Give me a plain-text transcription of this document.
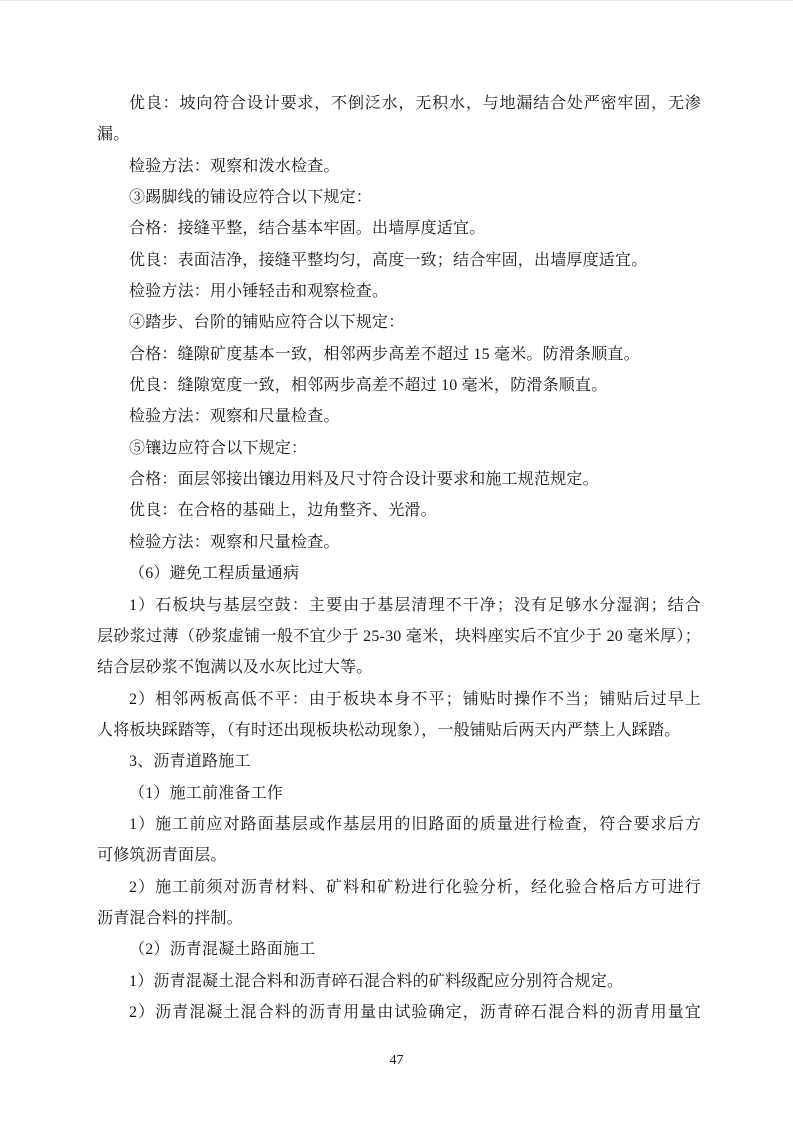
优良：坡向符合设计要求，不倒泛水，无积水，与地漏结合处严密牢固，无渗

漏。

检验方法：观察和泼水检查。

③踢脚线的铺设应符合以下规定：

合格：接缝平整，结合基本牢固。出墙厚度适宜。

优良：表面洁净，接缝平整均匀，高度一致；结合牢固，出墙厚度适宜。

检验方法：用小锤轻击和观察检查。

④踏步、台阶的铺贴应符合以下规定：

合格：缝隙矿度基本一致，相邻两步高差不超过 15 毫米。防滑条顺直。

优良：缝隙宽度一致，相邻两步高差不超过 10 毫米，防滑条顺直。

检验方法：观察和尺量检查。

⑤镶边应符合以下规定：

合格：面层邻接出镶边用料及尺寸符合设计要求和施工规范规定。

优良：在合格的基础上，边角整齐、光滑。

检验方法：观察和尺量检查。

（6）避免工程质量通病

1）石板块与基层空鼓：主要由于基层清理不干净；没有足够水分湿润；结合

层砂浆过薄（砂浆虚铺一般不宜少于 25-30 毫米，块料座实后不宜少于 20 毫米厚）；

结合层砂浆不饱满以及水灰比过大等。

2）相邻两板高低不平：由于板块本身不平；铺贴时操作不当；铺贴后过早上

人将板块踩踏等，（有时还出现板块松动现象），一般铺贴后两天内严禁上人踩踏。

3、沥青道路施工

（1）施工前准备工作

1）施工前应对路面基层或作基层用的旧路面的质量进行检查，符合要求后方

可修筑沥青面层。

2）施工前须对沥青材料、矿料和矿粉进行化验分析，经化验合格后方可进行

沥青混合料的拌制。

（2）沥青混凝土路面施工

1）沥青混凝土混合料和沥青碎石混合料的矿料级配应分别符合规定。

2）沥青混凝土混合料的沥青用量由试验确定，沥青碎石混合料的沥青用量宜

47
